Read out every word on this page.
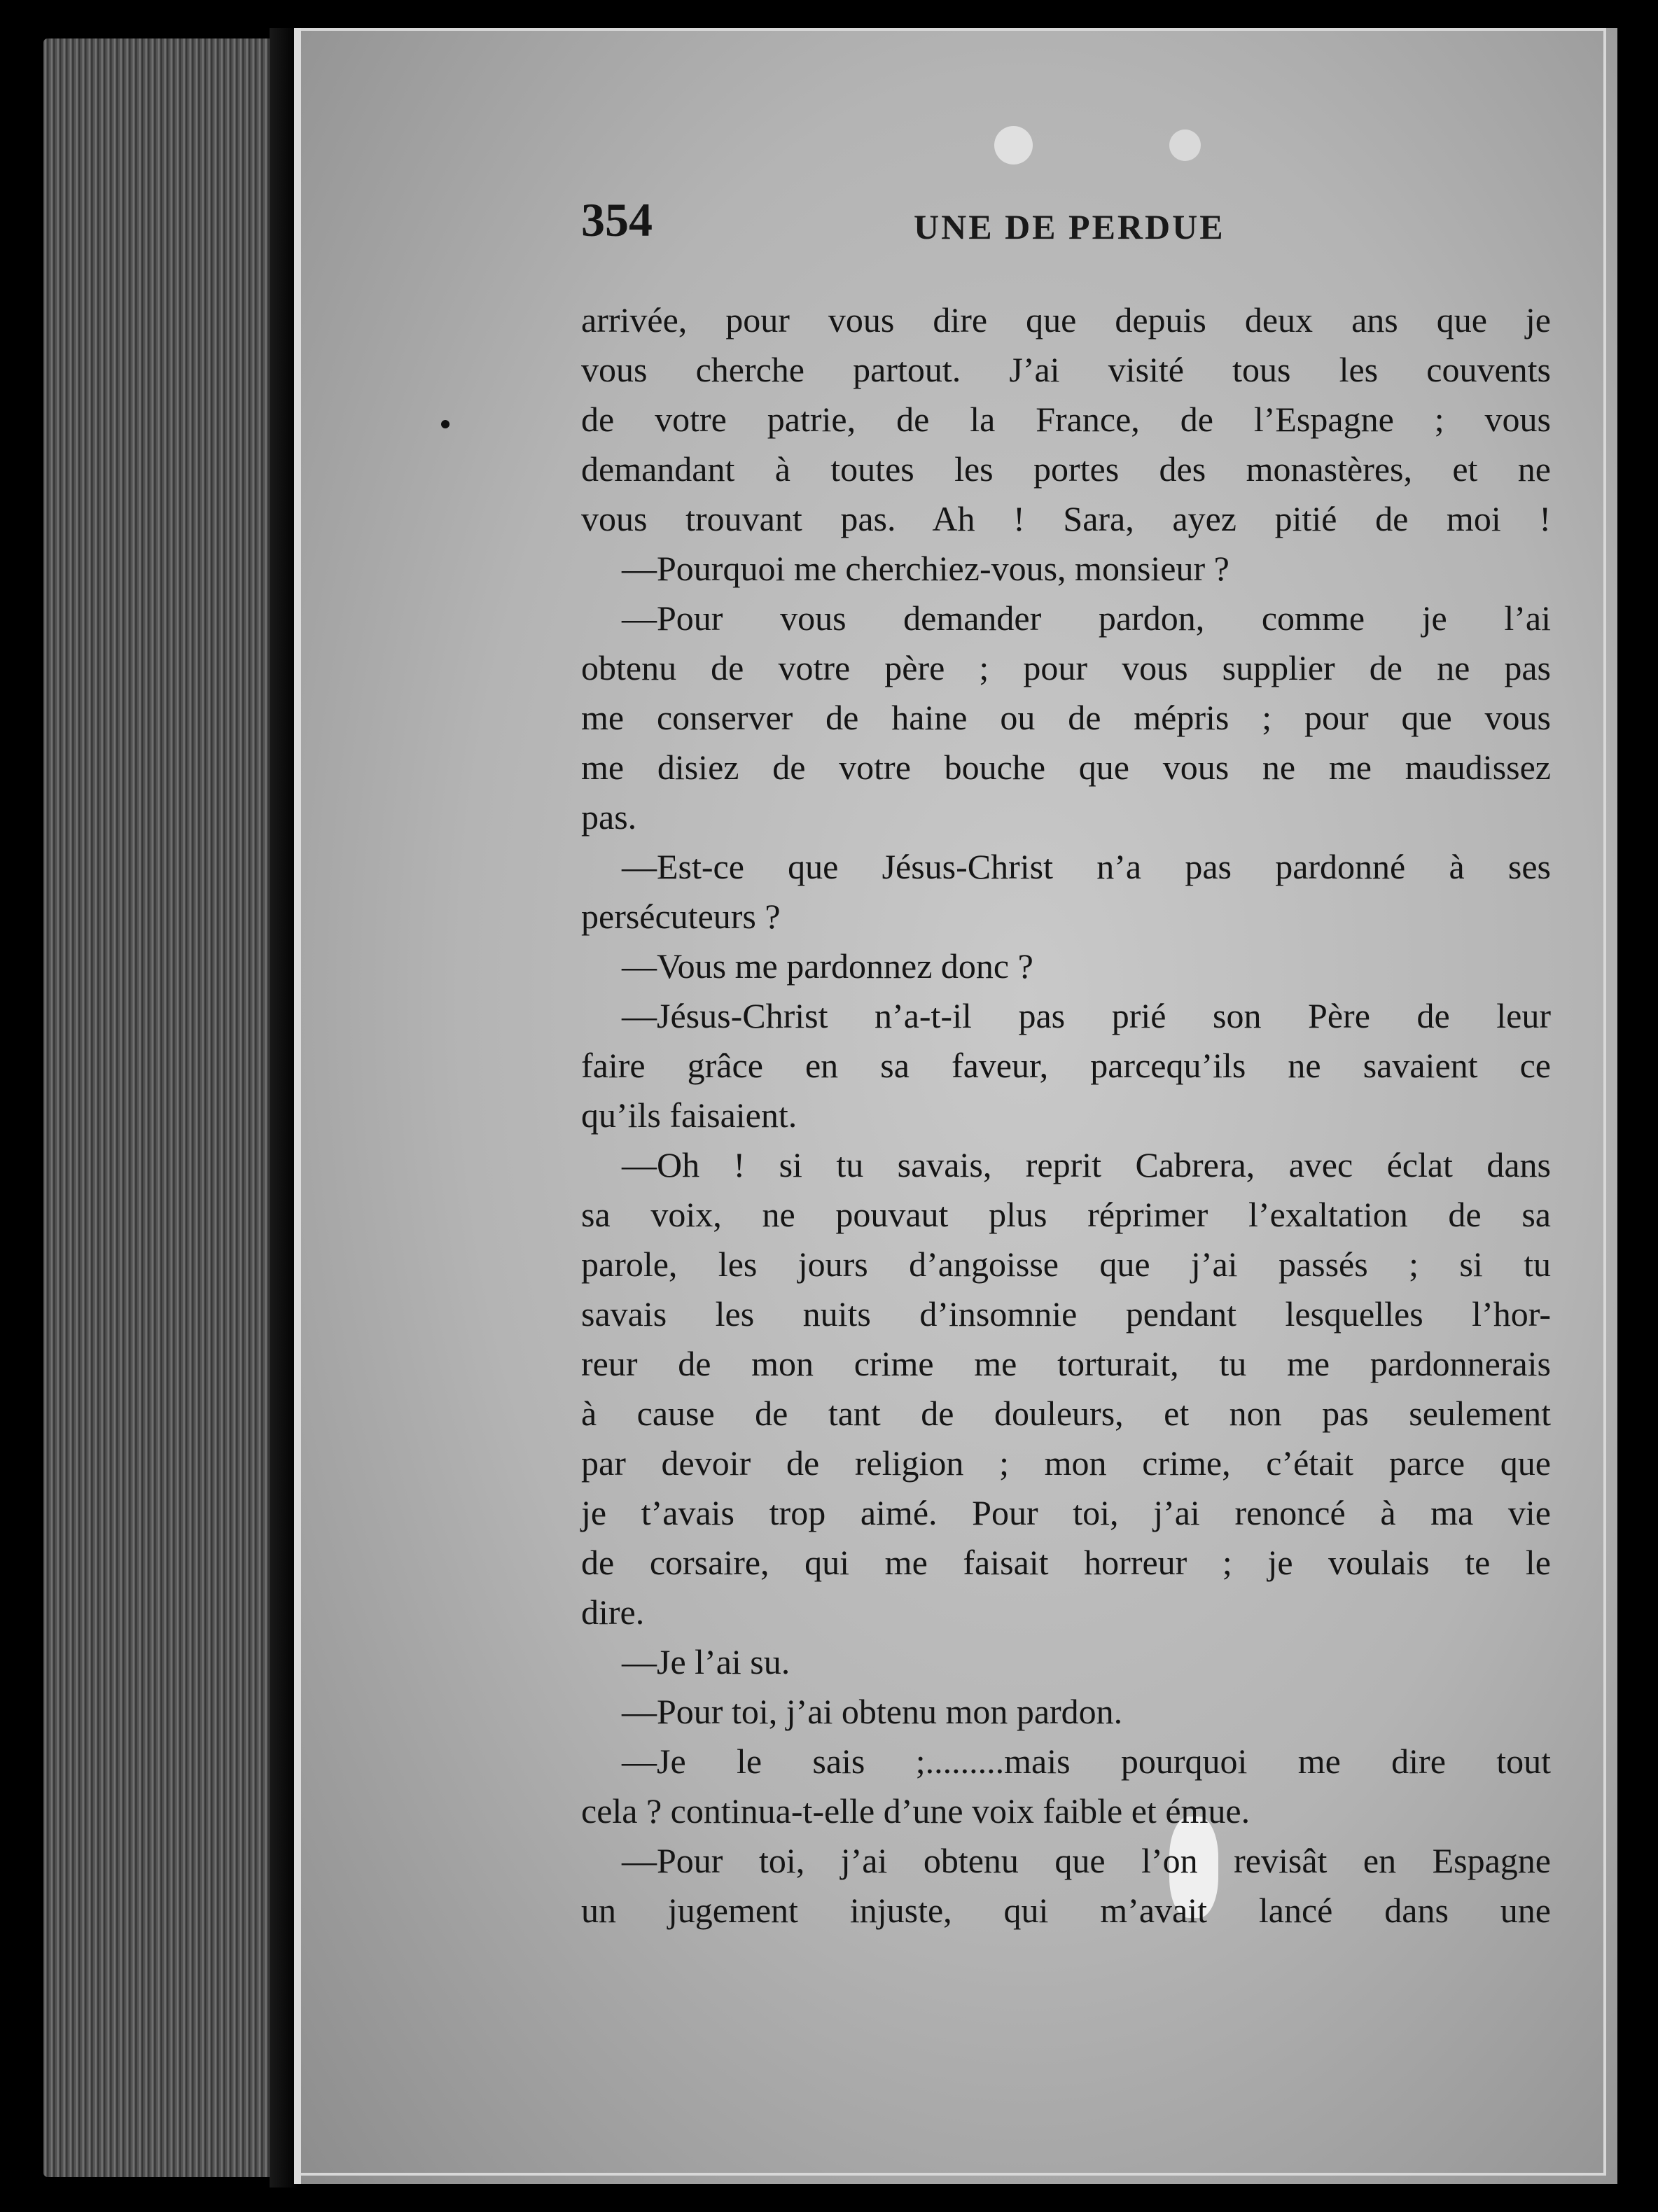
354	UNE DE PERDUE
arrivée, pour vous dire que depuis deux ans que je
vous cherche partout. J’ai visité tous les couvents
de votre patrie, de la France, de l’Espagne ; vous
demandant à toutes les portes des monastères, et ne
vous trouvant pas. Ah ! Sara, ayez pitié de moi !
—Pourquoi me cherchiez-vous, monsieur ?
—Pour vous demander pardon, comme je l’ai
obtenu de votre père ; pour vous supplier de ne pas
me conserver de haine ou de mépris ; pour que vous
me disiez de votre bouche que vous ne me maudissez
pas.
—Est-ce que Jésus-Christ n’a pas pardonné à ses
persécuteurs ?
—Vous me pardonnez donc ?
—Jésus-Christ n’a-t-il pas prié son Père de leur
faire grâce en sa faveur, parcequ’ils ne savaient ce
qu’ils faisaient.
—Oh ! si tu savais, reprit Cabrera, avec éclat dans
sa voix, ne pouvaut plus réprimer l’exaltation de sa
parole, les jours d’angoisse que j’ai passés ; si tu
savais les nuits d’insomnie pendant lesquelles l’hor-
reur de mon crime me torturait, tu me pardonnerais
à cause de tant de douleurs, et non pas seulement
par devoir de religion ; mon crime, c’était parce que
je t’avais trop aimé. Pour toi, j’ai renoncé à ma vie
de corsaire, qui me faisait horreur ; je voulais te le
dire.
—Je l’ai su.
—Pour toi, j’ai obtenu mon pardon.
—Je le sais ;.........mais pourquoi me dire tout
cela ? continua-t-elle d’une voix faible et émue.
—Pour toi, j’ai obtenu que l’on revisât en Espagne
un jugement injuste, qui m’avait lancé dans une
